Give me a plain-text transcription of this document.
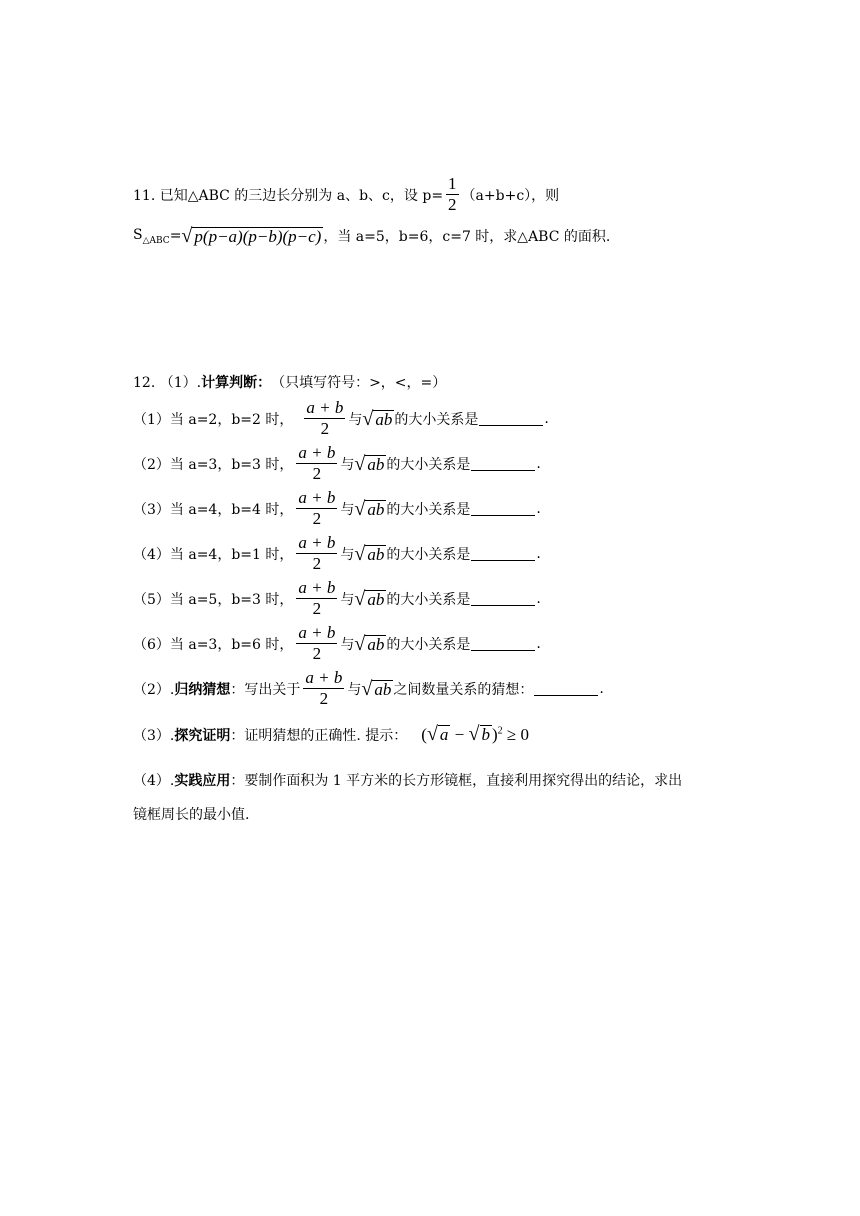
11. 已知△ABC 的三边长分别为 a、b、c，设 $p= \frac{1}{2} (a+b+c)$，则
$S_{\triangle ABC}$ = √ p(p−a)(p−b)(p−c) ，当 a=5，b=6，c=7 时，求△ABC 的面积.
12. （1）. 计算判断： （只填写符号：>，<，=）
（1）当 a=2，b=2 时， $\frac{a + b}{2}$ 与 √ ab 的大小关系是	.
（2）当 a=3，b=3 时， $\frac{a + b}{2}$ 与 √ ab 的大小关系是	.
（3）当 a=4，b=4 时， $\frac{a + b}{2}$ 与 √ ab 的大小关系是	.
（4）当 a=4，b=1 时， $\frac{a + b}{2}$ 与 √ ab 的大小关系是	.
（5）当 a=5，b=3 时， $\frac{a + b}{2}$ 与 √ ab 的大小关系是	.
（6）当 a=3，b=6 时， $\frac{a + b}{2}$ 与 √ ab 的大小关系是	.
（2）. 归纳猜想 ：写出关于 $\frac{a + b}{2}$ 与 √ ab 之间数量关系的猜想：	.
（3）. 探究证明 ：证明猜想的正确性. 提示： ( √ a − √ b )$^2$ ≥ 0
（4）. 实践应用 ：要制作面积为 1 平方米的长方形镜框，直接利用探究得出的结论，求出
镜框周长的最小值.
